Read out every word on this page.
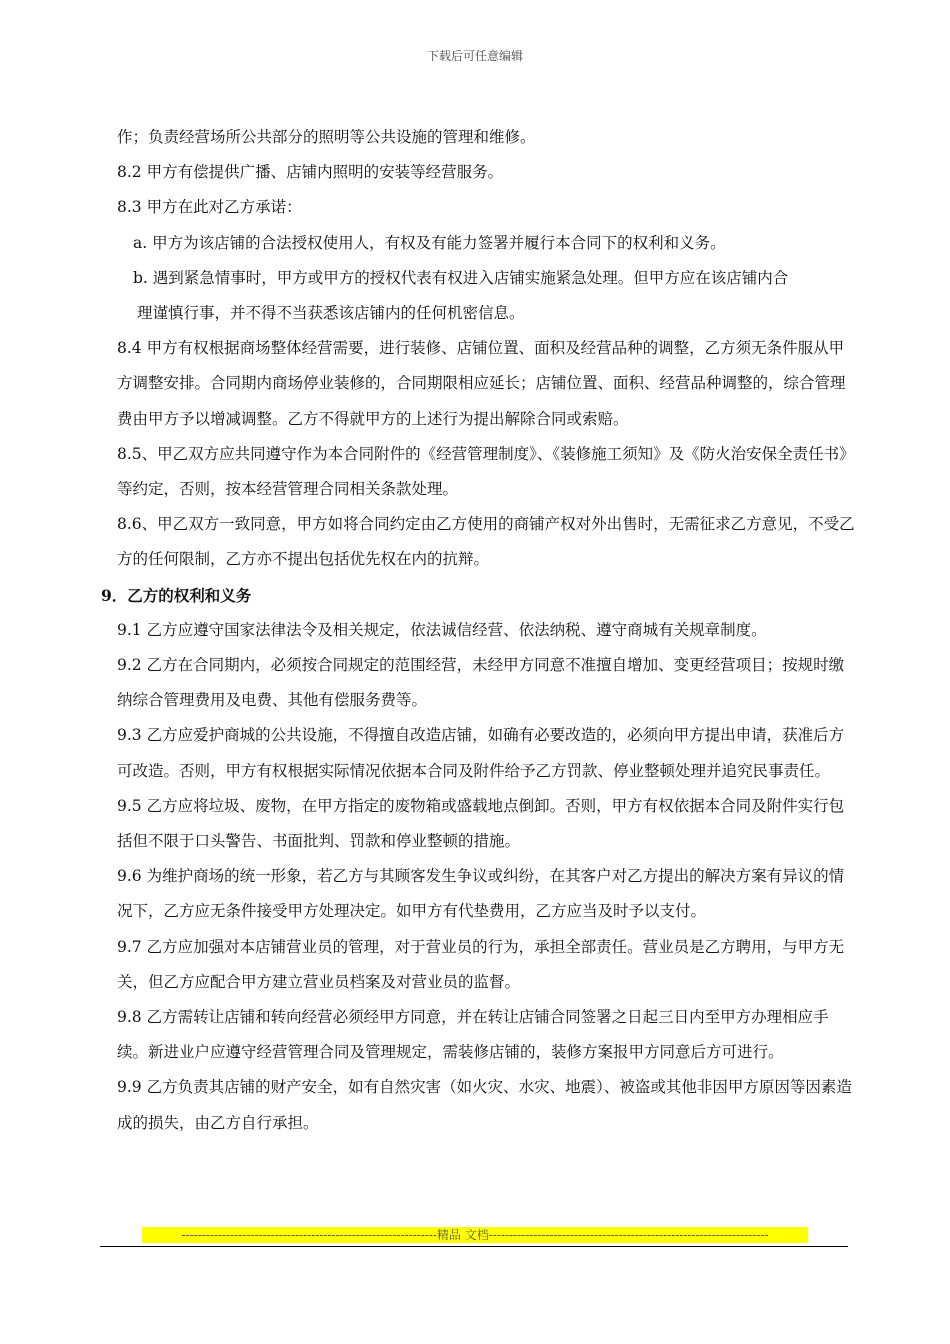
下载后可任意编辑

作；负责经营场所公共部分的照明等公共设施的管理和维修。

8.2 甲方有偿提供广播、店铺内照明的安装等经营服务。

8.3 甲方在此对乙方承诺：

a. 甲方为该店铺的合法授权使用人，有权及有能力签署并履行本合同下的权利和义务。

b. 遇到紧急情事时，甲方或甲方的授权代表有权进入店铺实施紧急处理。但甲方应在该店铺内合

理谨慎行事，并不得不当获悉该店铺内的任何机密信息。

8.4 甲方有权根据商场整体经营需要，进行装修、店铺位置、面积及经营品种的调整，乙方须无条件服从甲方调整安排。合同期内商场停业装修的，合同期限相应延长；店铺位置、面积、经营品种调整的，综合管理费由甲方予以增减调整。乙方不得就甲方的上述行为提出解除合同或索赔。

8.5、甲乙双方应共同遵守作为本合同附件的《经营管理制度》、《装修施工须知》及《防火治安保全责任书》等约定，否则，按本经营管理合同相关条款处理。

8.6、甲乙双方一致同意，甲方如将合同约定由乙方使用的商铺产权对外出售时，无需征求乙方意见，不受乙方的任何限制，乙方亦不提出包括优先权在内的抗辩。

9．乙方的权利和义务

9.1 乙方应遵守国家法律法令及相关规定，依法诚信经营、依法纳税、遵守商城有关规章制度。

9.2 乙方在合同期内，必须按合同规定的范围经营，未经甲方同意不准擅自增加、变更经营项目；按规时缴纳综合管理费用及电费、其他有偿服务费等。

9.3 乙方应爱护商城的公共设施，不得擅自改造店铺，如确有必要改造的，必须向甲方提出申请，获准后方可改造。否则，甲方有权根据实际情况依据本合同及附件给予乙方罚款、停业整顿处理并追究民事责任。

9.5 乙方应将垃圾、废物，在甲方指定的废物箱或盛载地点倒卸。否则，甲方有权依据本合同及附件实行包括但不限于口头警告、书面批判、罚款和停业整顿的措施。

9.6 为维护商场的统一形象，若乙方与其顾客发生争议或纠纷，在其客户对乙方提出的解决方案有异议的情况下，乙方应无条件接受甲方处理决定。如甲方有代垫费用，乙方应当及时予以支付。

9.7 乙方应加强对本店铺营业员的管理，对于营业员的行为，承担全部责任。营业员是乙方聘用，与甲方无关，但乙方应配合甲方建立营业员档案及对营业员的监督。

9.8 乙方需转让店铺和转向经营必须经甲方同意，并在转让店铺合同签署之日起三日内至甲方办理相应手续。新进业户应遵守经营管理合同及管理规定，需装修店铺的，装修方案报甲方同意后方可进行。

9.9 乙方负责其店铺的财产安全，如有自然灾害（如火灾、水灾、地震）、被盗或其他非因甲方原因等因素造成的损失，由乙方自行承担。

---------------------------------------------------------------精品 文档---------------------------------------------------------------------
